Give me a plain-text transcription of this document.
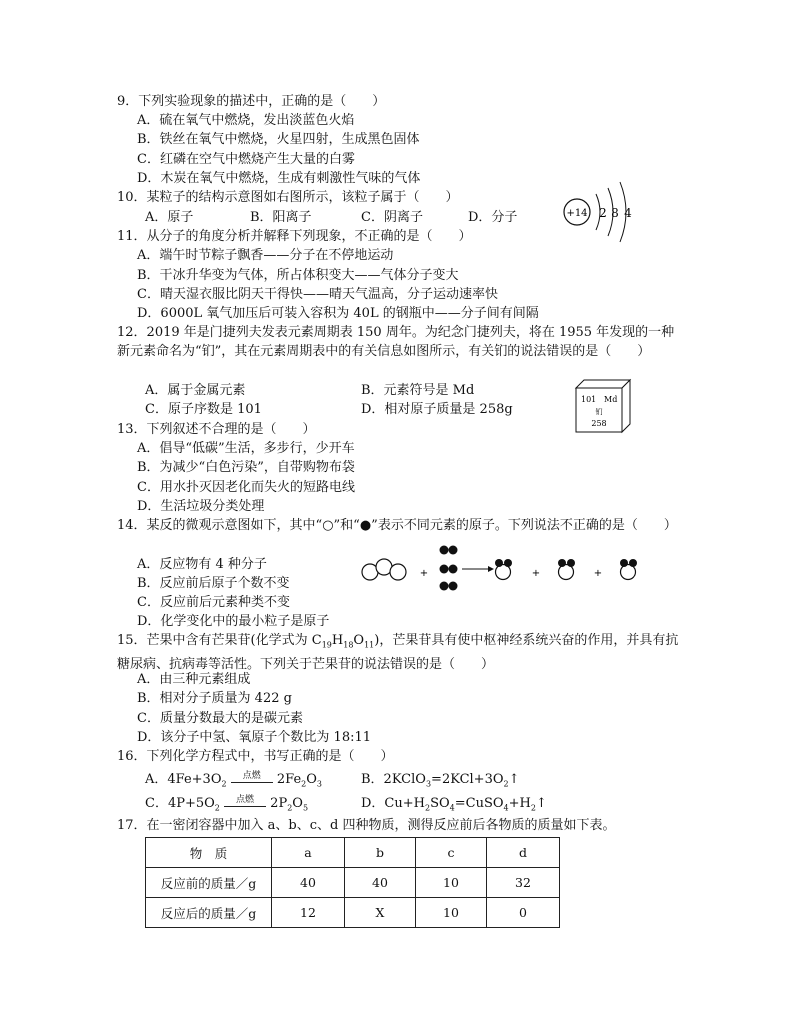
9．下列实验现象的描述中，正确的是（　　）
A．硫在氧气中燃烧，发出淡蓝色火焰
B．铁丝在氧气中燃烧，火星四射，生成黑色固体
C．红磷在空气中燃烧产生大量的白雾
D．木炭在氧气中燃烧，生成有刺激性气味的气体
10．某粒子的结构示意图如右图所示，该粒子属于（　　）
A．原子	B．阳离子	C．阴离子	D．分子	+14 2 8 4
11．从分子的角度分析并解释下列现象，不正确的是（　　）
A．端午时节粽子飘香——分子在不停地运动
B．干冰升华变为气体，所占体积变大——气体分子变大
C．晴天湿衣服比阴天干得快——晴天气温高，分子运动速率快
D．6000L 氧气加压后可装入容积为 40L 的钢瓶中——分子间有间隔
12．2019 年是门捷列夫发表元素周期表 150 周年。为纪念门捷列夫，将在 1955 年发现的一种新元素命名为“钔”，其在元素周期表中的有关信息如图所示，有关钔的说法错误的是（　　）
A．属于金属元素	B．元素符号是 Md
C．原子序数是 101	D．相对原子质量是 258g
101 Md
钔
258
13．下列叙述不合理的是（　　）
A．倡导“低碳”生活，多步行，少开车
B．为减少“白色污染”，自带购物布袋
C．用水扑灭因老化而失火的短路电线
D．生活垃圾分类处理
14．某反的微观示意图如下，其中“○”和“●”表示不同元素的原子。下列说法不正确的是（　　）
A．反应物有 4 种分子
B．反应前后原子个数不变
C．反应前后元素种类不变
D．化学变化中的最小粒子是原子
+	+	+
15．芒果中含有芒果苷(化学式为 $C_{19}H_{18}O_{11}$)，芒果苷具有使中枢神经系统兴奋的作用，并具有抗糖尿病、抗病毒等活性。下列关于芒果苷的说法错误的是（　　）
A．由三种元素组成
B．相对分子质量为 422 g
C．质量分数最大的是碳元素
D．该分子中氢、氧原子个数比为 18:11
16．下列化学方程式中，书写正确的是（　　）
A．$4Fe+3O_2$
点燃	$2Fe_2O_3$	B．$2KClO_3=2KCl+3O_2↑$
C．$4P+5O_2$
点燃	$2P_2O_5$	D．$Cu+H_2SO_4=CuSO_4+H_2↑$
17．在一密闭容器中加入 a、b、c、d 四种物质，测得反应前后各物质的质量如下表。
物　质	a	b	c	d
反应前的质量／g	40	40	10	32
反应后的质量／g	12	X	10	0
